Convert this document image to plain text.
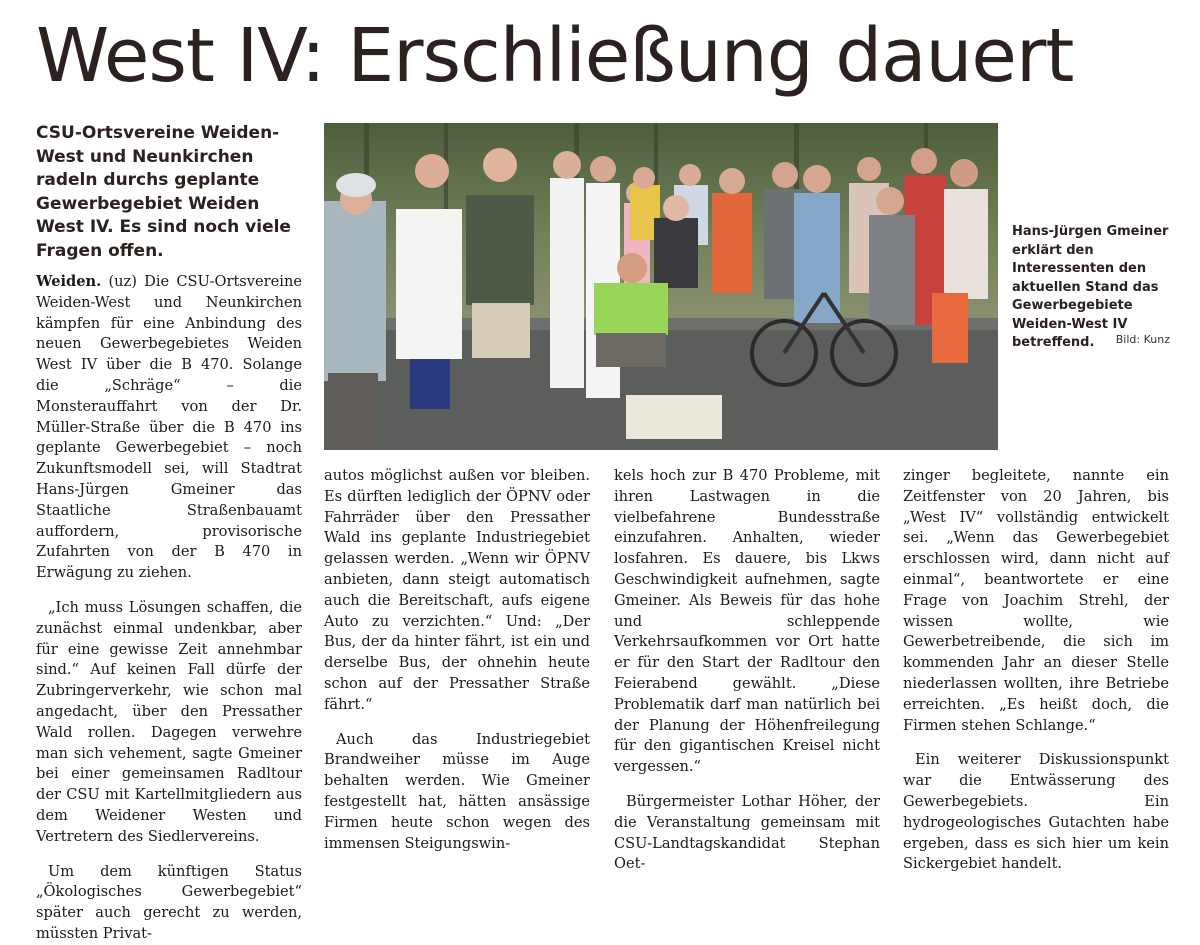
West IV: Erschließung dauert
CSU-Ortsvereine Weiden-West und Neunkirchen radeln durchs geplante Gewerbegebiet Weiden West IV. Es sind noch viele Fragen offen.
Hans-Jürgen Gmeiner erklärt den Interessenten den aktuellen Stand das Gewerbegebiete Weiden-West IV betreffend.	Bild: Kunz

Weiden. (uz) Die CSU-Ortsvereine Weiden-West und Neunkirchen kämpfen für eine Anbindung des neuen Gewerbegebietes Weiden West IV über die B 470. Solange die „Schräge“ – die Monsterauffahrt von der Dr. Müller-Straße über die B 470 ins geplante Gewerbegebiet – noch Zukunftsmodell sei, will Stadtrat Hans-Jürgen Gmeiner das Staatliche Straßenbauamt auffordern, provisorische Zufahrten von der B 470 in Erwägung zu ziehen.

„Ich muss Lösungen schaffen, die zunächst einmal undenkbar, aber für eine gewisse Zeit annehmbar sind.“ Auf keinen Fall dürfe der Zubringerverkehr, wie schon mal angedacht, über den Pressather Wald rollen. Dagegen verwehre man sich vehement, sagte Gmeiner bei einer gemeinsamen Radltour der CSU mit Kartellmitgliedern aus dem Weidener Westen und Vertretern des Siedlervereins.

Um dem künftigen Status „Ökologisches Gewerbegebiet“ später auch gerecht zu werden, müssten Privat-

autos möglichst außen vor bleiben. Es dürften lediglich der ÖPNV oder Fahrräder über den Pressather Wald ins geplante Industriegebiet gelassen werden. „Wenn wir ÖPNV anbieten, dann steigt automatisch auch die Bereitschaft, aufs eigene Auto zu verzichten.“ Und: „Der Bus, der da hinter fährt, ist ein und derselbe Bus, der ohnehin heute schon auf der Pressather Straße fährt.“

Auch das Industriegebiet Brandweiher müsse im Auge behalten werden. Wie Gmeiner festgestellt hat, hätten ansässige Firmen heute schon wegen des immensen Steigungswin-

kels hoch zur B 470 Probleme, mit ihren Lastwagen in die vielbefahrene Bundesstraße einzufahren. Anhalten, wieder losfahren. Es dauere, bis Lkws Geschwindigkeit aufnehmen, sagte Gmeiner. Als Beweis für das hohe und schleppende Verkehrsaufkommen vor Ort hatte er für den Start der Radltour den Feierabend gewählt. „Diese Problematik darf man natürlich bei der Planung der Höhenfreilegung für den gigantischen Kreisel nicht vergessen.“

Bürgermeister Lothar Höher, der die Veranstaltung gemeinsam mit CSU-Landtagskandidat Stephan Oet-

zinger begleitete, nannte ein Zeitfenster von 20 Jahren, bis „West IV“ vollständig entwickelt sei. „Wenn das Gewerbegebiet erschlossen wird, dann nicht auf einmal“, beantwortete er eine Frage von Joachim Strehl, der wissen wollte, wie Gewerbetreibende, die sich im kommenden Jahr an dieser Stelle niederlassen wollten, ihre Betriebe erreichten. „Es heißt doch, die Firmen stehen Schlange.“

Ein weiterer Diskussionspunkt war die Entwässerung des Gewerbegebiets. Ein hydrogeologisches Gutachten habe ergeben, dass es sich hier um kein Sickergebiet handelt.
